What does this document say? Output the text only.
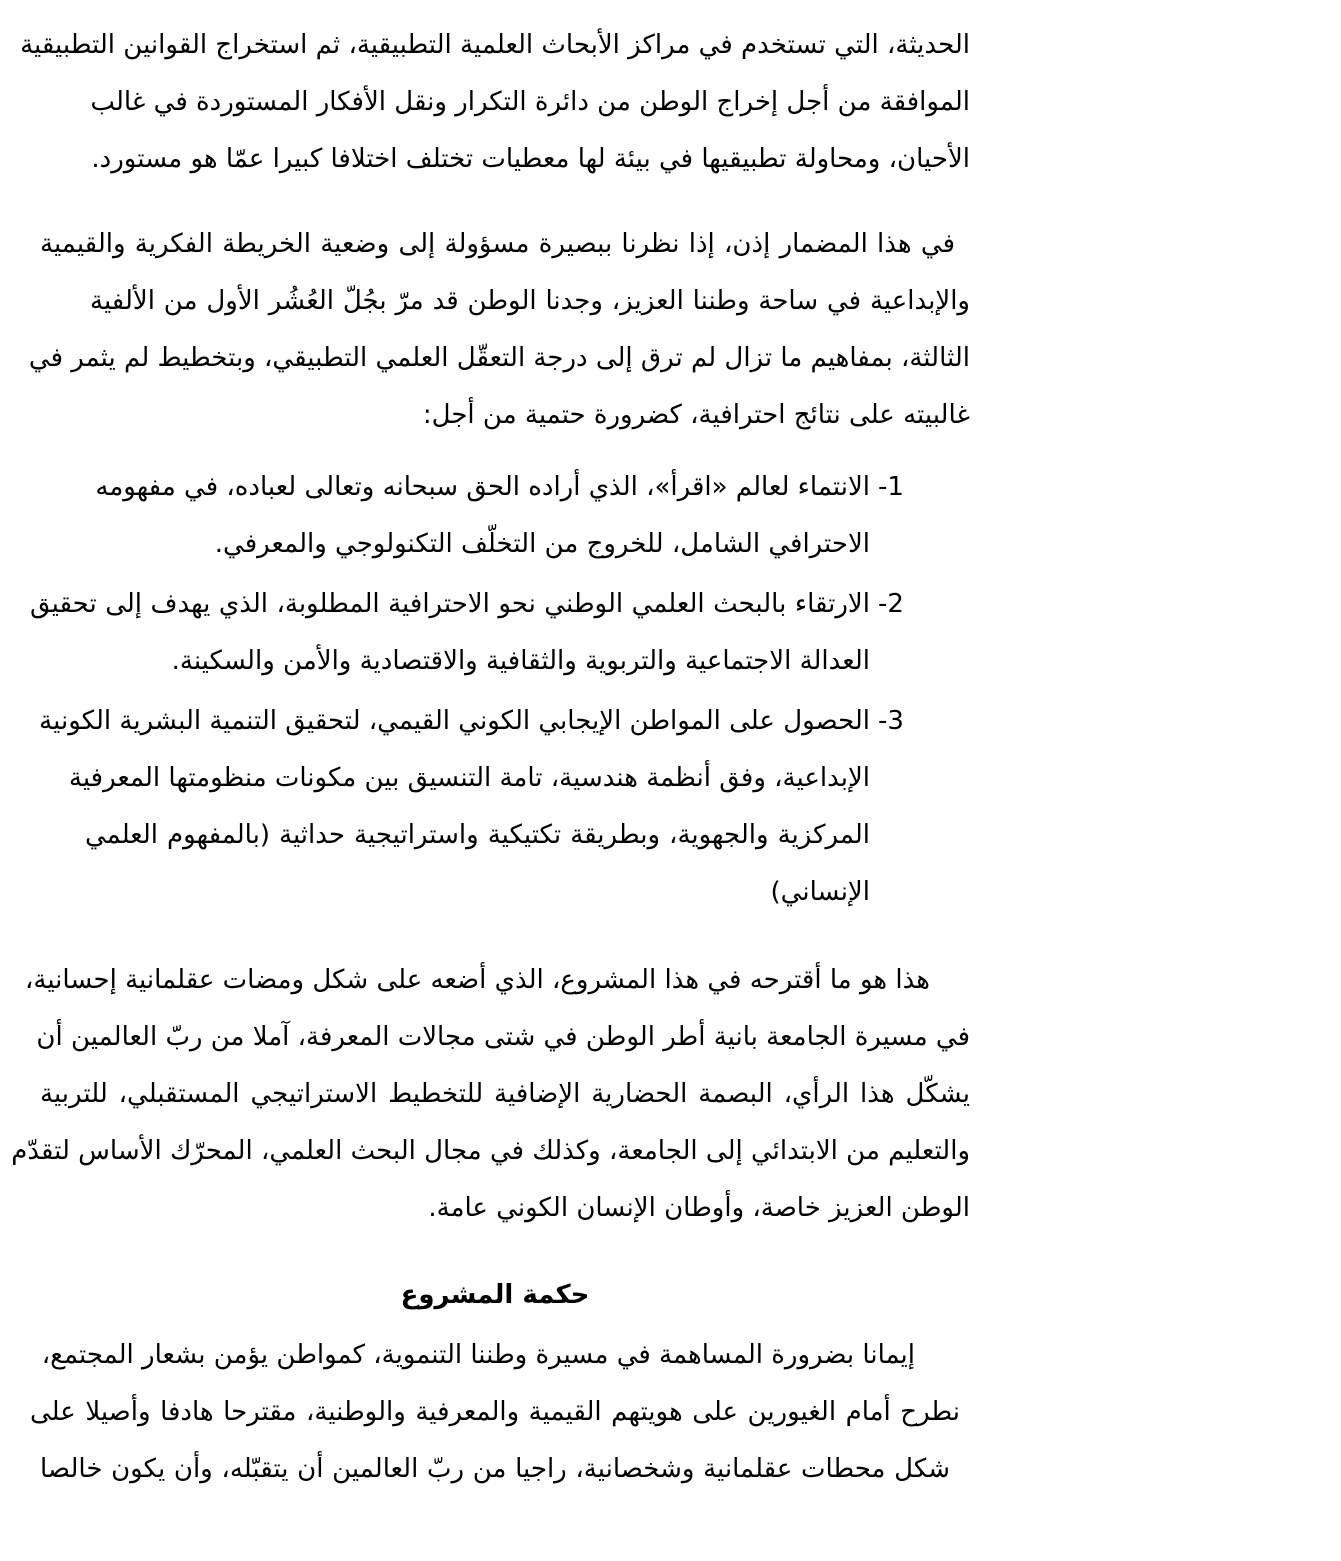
الحديثة، التي تستخدم في مراكز الأبحاث العلمية التطبيقية، ثم استخراج القوانين التطبيقية
الموافقة من أجل إخراج الوطن من دائرة التكرار ونقل الأفكار المستوردة في غالب
الأحيان، ومحاولة تطبيقيها في بيئة لها معطيات تختلف اختلافا كبيرا عمّا هو مستورد.
في هذا المضمار إذن، إذا نظرنا ببصيرة مسؤولة إلى وضعية الخريطة الفكرية والقيمية
والإبداعية في ساحة وطننا العزيز، وجدنا الوطن قد مرّ بجُلّ العُشُر الأول من الألفية
الثالثة، بمفاهيم ما تزال لم ترق إلى درجة التعقّل العلمي التطبيقي، وبتخطيط لم يثمر في
غالبيته على نتائج احترافية، كضرورة حتمية من أجل:
-1
الانتماء لعالم «اقرأ»، الذي أراده الحق سبحانه وتعالى لعباده، في مفهومه
الاحترافي الشامل، للخروج من التخلّف التكنولوجي والمعرفي.
-2
الارتقاء بالبحث العلمي الوطني نحو الاحترافية المطلوبة، الذي يهدف إلى تحقيق
العدالة الاجتماعية والتربوية والثقافية والاقتصادية والأمن والسكينة.
-3
الحصول على المواطن الإيجابي الكوني القيمي، لتحقيق التنمية البشرية الكونية
الإبداعية، وفق أنظمة هندسية، تامة التنسيق بين مكونات منظومتها المعرفية
المركزية والجهوية، وبطريقة تكتيكية واستراتيجية حداثية (بالمفهوم العلمي
الإنساني)
هذا هو ما أقترحه في هذا المشروع، الذي أضعه على شكل ومضات عقلمانية إحسانية،
في مسيرة الجامعة بانية أطر الوطن في شتى مجالات المعرفة، آملا من ربّ العالمين أن
يشكّل هذا الرأي، البصمة الحضارية الإضافية للتخطيط الاستراتيجي المستقبلي، للتربية
والتعليم من الابتدائي إلى الجامعة، وكذلك في مجال البحث العلمي، المحرّك الأساس لتقدّم
الوطن العزيز خاصة، وأوطان الإنسان الكوني عامة.
حكمة المشروع
إيمانا بضرورة المساهمة في مسيرة وطننا التنموية، كمواطن يؤمن بشعار المجتمع،
نطرح أمام الغيورين على هويتهم القيمية والمعرفية والوطنية، مقترحا هادفا وأصيلا على
شكل محطات عقلمانية وشخصانية، راجيا من ربّ العالمين أن يتقبّله، وأن يكون خالصا
